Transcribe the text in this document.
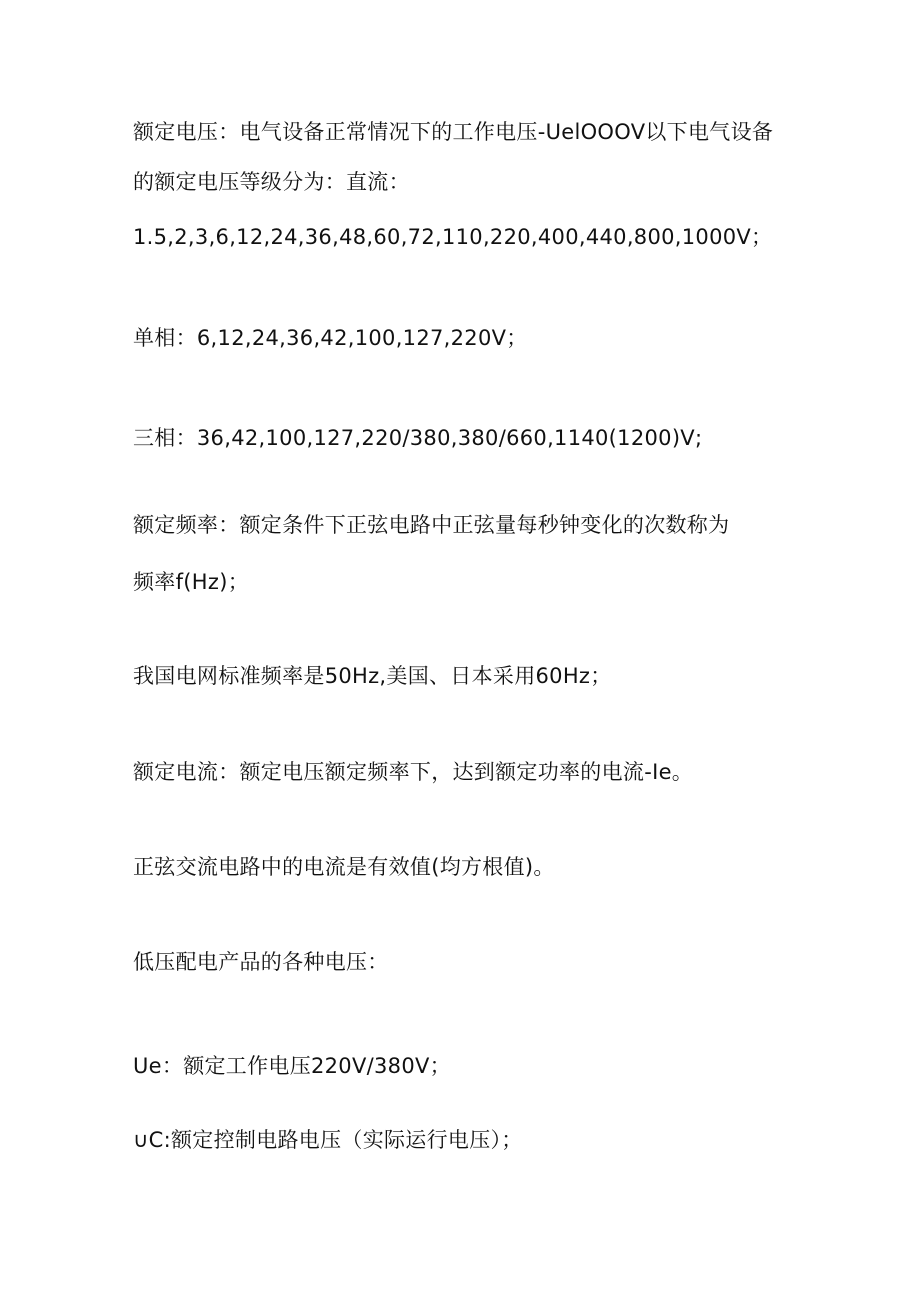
额定电压：电气设备正常情况下的工作电压-UelOOOV以下电气设备
的额定电压等级分为：直流：
1.5,2,3,6,12,24,36,48,60,72,110,220,400,440,800,1000V；
单相：6,12,24,36,42,100,127,220V；
三相：36,42,100,127,220/380,380/660,1140(1200)V;
额定频率：额定条件下正弦电路中正弦量每秒钟变化的次数称为
频率f(Hz)；
我国电网标准频率是50Hz,美国、日本采用60Hz；
额定电流：额定电压额定频率下，达到额定功率的电流-Ie。
正弦交流电路中的电流是有效值(均方根值)。
低压配电产品的各种电压：
Ue：额定工作电压220V/380V；
∪C:额定控制电路电压（实际运行电压）；
